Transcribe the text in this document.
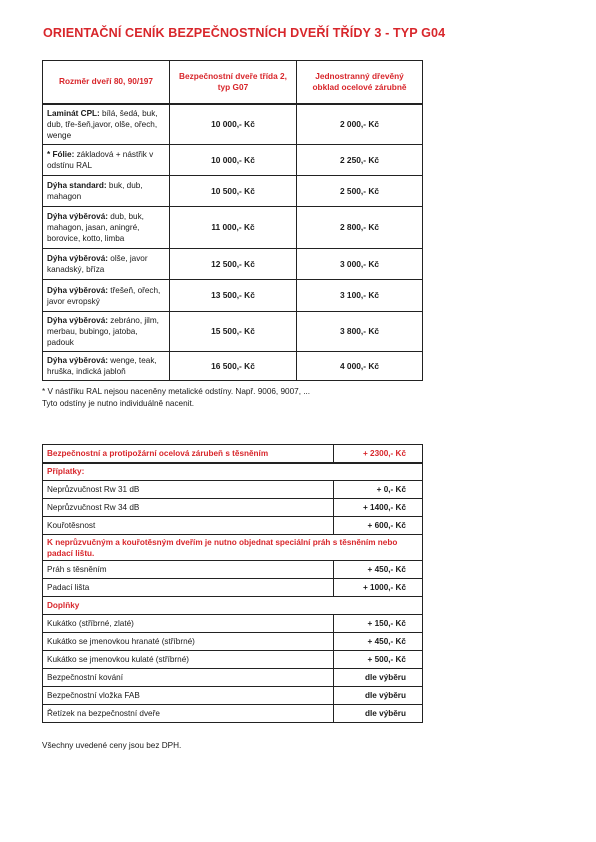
ORIENTAČNÍ CENÍK BEZPEČNOSTNÍCH DVEŘÍ TŘÍDY 3 - TYP G04
Rozměr dveří 80, 90/197	Bezpečnostní dveře třída 2, typ G07	Jednostranný dřevěný obklad ocelové zárubně
Laminát CPL: bílá, šedá, buk, dub, tře-šeň,javor, olše, ořech, wenge	10 000,- Kč	2 000,- Kč
* Fólie: základová + nástřik v odstínu RAL	10 000,- Kč	2 250,- Kč
Dýha standard: buk, dub, mahagon	10 500,- Kč	2 500,- Kč
Dýha výběrová: dub, buk, mahagon, jasan, aningré, borovice, kotto, limba	11 000,- Kč	2 800,- Kč
Dýha výběrová: olše, javor kanadský, bříza	12 500,- Kč	3 000,- Kč
Dýha výběrová: třešeň, ořech, javor evropský	13 500,- Kč	3 100,- Kč
Dýha výběrová: zebráno, jilm, merbau, bubingo, jatoba, padouk	15 500,- Kč	3 800,- Kč
Dýha výběrová: wenge, teak, hruška, indická jabloň	16 500,- Kč	4 000,- Kč
* V nástřiku RAL nejsou naceněny metalické odstíny. Např. 9006, 9007, ...
Tyto odstíny je nutno individuálně nacenit.
Bezpečnostní a protipožární ocelová zárubeň s těsněním	+ 2300,- Kč
Příplatky:	
Neprůzvučnost Rw 31 dB	+ 0,- Kč
Neprůzvučnost Rw 34 dB	+ 1400,- Kč
Kouřotěsnost	+ 600,- Kč
K neprůzvučným a kouřotěsným dveřím je nutno objednat speciální práh s těsněním nebo padací lištu.	
Práh s těsněním	+ 450,- Kč
Padací lišta	+ 1000,- Kč
Doplňky	
Kukátko (stříbrné, zlaté)	+ 150,- Kč
Kukátko se jmenovkou hranaté (stříbrné)	+ 450,- Kč
Kukátko se jmenovkou kulaté (stříbrné)	+ 500,- Kč
Bezpečnostní kování	dle výběru
Bezpečnostní vložka FAB	dle výběru
Řetízek na bezpečnostní dveře	dle výběru
Všechny uvedené ceny jsou bez DPH.
